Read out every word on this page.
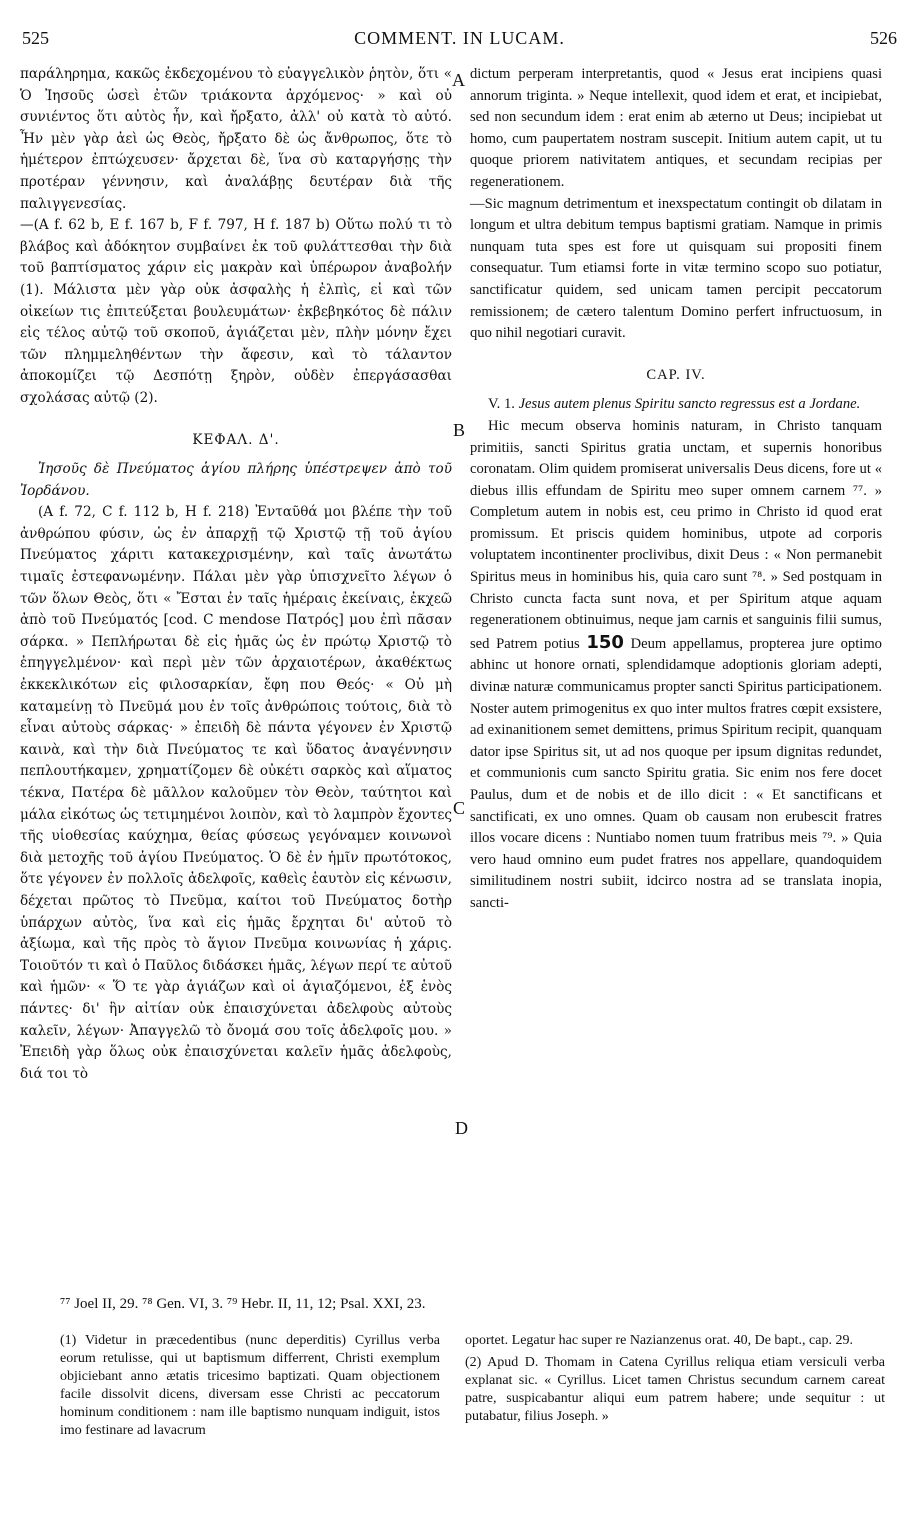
525	COMMENT. IN LUCAM.	526

παράληρημα, κακῶς ἐκδεχομένου τὸ εὐαγγελικὸν ῥητὸν, ὅτι « Ὁ Ἰησοῦς ὡσεὶ ἐτῶν τριάκοντα ἀρχόμενος· » καὶ οὐ συνιέντος ὅτι αὐτὸς ἦν, καὶ ἤρξατο, ἀλλ' οὐ κατὰ τὸ αὐτό. Ἦν μὲν γὰρ ἀεὶ ὡς Θεὸς, ἤρξατο δὲ ὡς ἄνθρωπος, ὅτε τὸ ἡμέτερον ἐπτώχευσεν· ἄρχεται δὲ, ἵνα σὺ καταργήσῃς τὴν προτέραν γέννησιν, καὶ ἀναλάβῃς δευτέραν διὰ τῆς παλιγγενεσίας.

—(A f. 62 b, E f. 167 b, F f. 797, H f. 187 b) Οὕτω πολύ τι τὸ βλάβος καὶ ἀδόκητον συμβαίνει ἐκ τοῦ φυλάττεσθαι τὴν διὰ τοῦ βαπτίσματος χάριν εἰς μακρὰν καὶ ὑπέρωρον ἀναβολήν (1). Μάλιστα μὲν γὰρ οὐκ ἀσφαλὴς ἡ ἐλπὶς, εἰ καὶ τῶν οἰκείων τις ἐπιτεύξεται βουλευμάτων· ἐκβεβηκότος δὲ πάλιν εἰς τέλος αὐτῷ τοῦ σκοποῦ, ἁγιάζεται μὲν, πλὴν μόνην ἔχει τῶν πλημμεληθέντων τὴν ἄφεσιν, καὶ τὸ τάλαντον ἀποκομίζει τῷ Δεσπότῃ ξηρὸν, οὐδὲν ἐπεργάσασθαι σχολάσας αὐτῷ (2).

ΚΕΦΑΛ. Δ'.

Ἰησοῦς δὲ Πνεύματος ἁγίου πλήρης ὑπέστρεψεν ἀπὸ τοῦ Ἰορδάνου.

(A f. 72, C f. 112 b, H f. 218) Ἐνταῦθά μοι βλέπε τὴν τοῦ ἀνθρώπου φύσιν, ὡς ἐν ἀπαρχῇ τῷ Χριστῷ τῇ τοῦ ἁγίου Πνεύματος χάριτι κατακεχρισμένην, καὶ ταῖς ἀνωτάτω τιμαῖς ἐστεφανωμένην. Πάλαι μὲν γὰρ ὑπισχνεῖτο λέγων ὁ τῶν ὅλων Θεὸς, ὅτι « Ἔσται ἐν ταῖς ἡμέραις ἐκείναις, ἐκχεῶ ἀπὸ τοῦ Πνεύματός [cod. C mendose Πατρός] μου ἐπὶ πᾶσαν σάρκα. » Πεπλήρωται δὲ εἰς ἡμᾶς ὡς ἐν πρώτῳ Χριστῷ τὸ ἐπηγγελμένον· καὶ περὶ μὲν τῶν ἀρχαιοτέρων, ἀκαθέκτως ἐκκεκλικότων εἰς φιλοσαρκίαν, ἔφη που Θεός· « Οὐ μὴ καταμείνῃ τὸ Πνεῦμά μου ἐν τοῖς ἀνθρώποις τούτοις, διὰ τὸ εἶναι αὐτοὺς σάρκας· » ἐπειδὴ δὲ πάντα γέγονεν ἐν Χριστῷ καινὰ, καὶ τὴν διὰ Πνεύματος τε καὶ ὕδατος ἀναγέννησιν πεπλουτήκαμεν, χρηματίζομεν δὲ οὐκέτι σαρκὸς καὶ αἵματος τέκνα, Πατέρα δὲ μᾶλλον καλοῦμεν τὸν Θεὸν, ταύτητοι καὶ μάλα εἰκότως ὡς τετιμημένοι λοιπὸν, καὶ τὸ λαμπρὸν ἔχοντες τῆς υἱοθεσίας καύχημα, θείας φύσεως γεγόναμεν κοινωνοὶ διὰ μετοχῆς τοῦ ἁγίου Πνεύματος. Ὁ δὲ ἐν ἡμῖν πρωτότοκος, ὅτε γέγονεν ἐν πολλοῖς ἀδελφοῖς, καθεὶς ἑαυτὸν εἰς κένωσιν, δέχεται πρῶτος τὸ Πνεῦμα, καίτοι τοῦ Πνεύματος δοτὴρ ὑπάρχων αὐτὸς, ἵνα καὶ εἰς ἡμᾶς ἔρχηται δι' αὐτοῦ τὸ ἀξίωμα, καὶ τῆς πρὸς τὸ ἅγιον Πνεῦμα κοινωνίας ἡ χάρις. Τοιοῦτόν τι καὶ ὁ Παῦλος διδάσκει ἡμᾶς, λέγων περί τε αὐτοῦ καὶ ἡμῶν· « Ὅ τε γὰρ ἁγιάζων καὶ οἱ ἁγιαζόμενοι, ἐξ ἑνὸς πάντες· δι' ἣν αἰτίαν οὐκ ἐπαισχύνεται ἀδελφοὺς αὐτοὺς καλεῖν, λέγων· Ἀπαγγελῶ τὸ ὄνομά σου τοῖς ἀδελφοῖς μου. » Ἐπειδὴ γὰρ ὅλως οὐκ ἐπαισχύνεται καλεῖν ἡμᾶς ἀδελφοὺς, διά τοι τὸ

dictum perperam interpretantis, quod « Jesus erat incipiens quasi annorum triginta. » Neque intellexit, quod idem et erat, et incipiebat, sed non secundum idem : erat enim ab æterno ut Deus; incipiebat ut homo, cum paupertatem nostram suscepit. Initium autem capit, ut tu quoque priorem nativitatem antiques, et secundam recipias per regenerationem.

—Sic magnum detrimentum et inexspectatum contingit ob dilatam in longum et ultra debitum tempus baptismi gratiam. Namque in primis nunquam tuta spes est fore ut quisquam sui propositi finem consequatur. Tum etiamsi forte in vitæ termino scopo suo potiatur, sanctificatur quidem, sed unicam tamen percipit peccatorum remissionem; de cætero talentum Domino perfert infructuosum, in quo nihil negotiari curavit.

CAP. IV.

V. 1. Jesus autem plenus Spiritu sancto regressus est a Jordane.

Hic mecum observa hominis naturam, in Christo tanquam primitiis, sancti Spiritus gratia unctam, et supernis honoribus coronatam. Olim quidem promiserat universalis Deus dicens, fore ut « diebus illis effundam de Spiritu meo super omnem carnem ⁷⁷. » Completum autem in nobis est, ceu primo in Christo id quod erat promissum. Et priscis quidem hominibus, utpote ad corporis voluptatem incontinenter proclivibus, dixit Deus : « Non permanebit Spiritus meus in hominibus his, quia caro sunt ⁷⁸. » Sed postquam in Christo cuncta facta sunt nova, et per Spiritum atque aquam regenerationem obtinuimus, neque jam carnis et sanguinis filii sumus, sed Patrem potius 150 Deum appellamus, propterea jure optimo abhinc ut honore ornati, splendidamque adoptionis gloriam adepti, divinæ naturæ communicamus propter sancti Spiritus participationem. Noster autem primogenitus ex quo inter multos fratres cœpit exsistere, ad exinanitionem semet demittens, primus Spiritum recipit, quanquam dator ipse Spiritus sit, ut ad nos quoque per ipsum dignitas redundet, et communionis cum sancto Spiritu gratia. Sic enim nos fere docet Paulus, dum et de nobis et de illo dicit : « Et sanctificans et sanctificati, ex uno omnes. Quam ob causam non erubescit fratres illos vocare dicens : Nuntiabo nomen tuum fratribus meis ⁷⁹. » Quia vero haud omnino eum pudet fratres nos appellare, quandoquidem similitudinem nostri subiit, idcirco nostra ad se translata inopia, sancti-

A
B
C
D
⁷⁷ Joel II, 29. ⁷⁸ Gen. VI, 3. ⁷⁹ Hebr. II, 11, 12; Psal. XXI, 23.

(1) Videtur in præcedentibus (nunc deperditis) Cyrillus verba eorum retulisse, qui ut baptismum differrent, Christi exemplum objiciebant anno ætatis tricesimo baptizati. Quam objectionem facile dissolvit dicens, diversam esse Christi ac peccatorum hominum conditionem : nam ille baptismo nunquam indiguit, istos imo festinare ad lavacrum

oportet. Legatur hac super re Nazianzenus orat. 40, De bapt., cap. 29.

(2) Apud D. Thomam in Catena Cyrillus reliqua etiam versiculi verba explanat sic. « Cyrillus. Licet tamen Christus secundum carnem careat patre, suspicabantur aliqui eum patrem habere; unde sequitur : ut putabatur, filius Joseph. »
